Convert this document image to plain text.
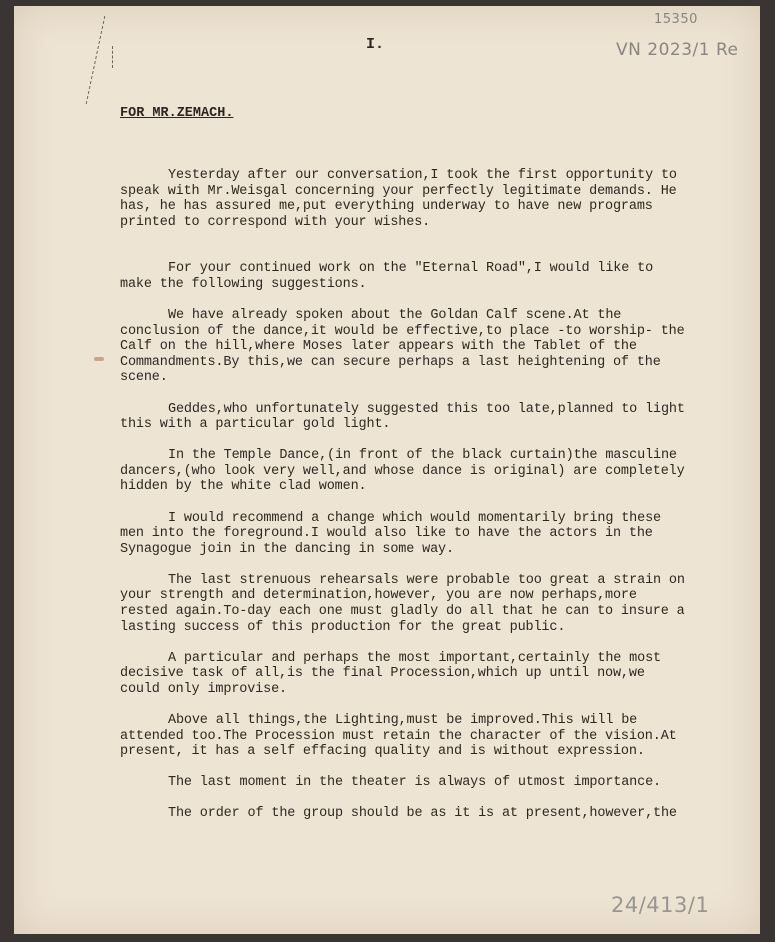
15350
VN 2023/1 Re
24/413/1
I.
FOR MR.ZEMACH.

Yesterday after our conversation,I took the first opportunity to speak with Mr.Weisgal concerning your perfectly legitimate demands. He has, he has assured me,put everything underway to have new programs printed to correspond with your wishes.

For your continued work on the "Eternal Road",I would like to make the following suggestions.

We have already spoken about the Goldan Calf scene.At the conclusion of the dance,it would be effective,to place -to worship- the Calf on the hill,where Moses later appears with the Tablet of the Commandments.By this,we can secure perhaps a last heightening of the scene.

Geddes,who unfortunately suggested this too late,planned to light this with a particular gold light.

In the Temple Dance,(in front of the black curtain)the masculine dancers,(who look very well,and whose dance is original) are completely hidden by the white clad women.

I would recommend a change which would momentarily bring these men into the foreground.I would also like to have the actors in the Synagogue join in the dancing in some way.

The last strenuous rehearsals were probable too great a strain on your strength and determination,however, you are now perhaps,more rested again.To-day each one must gladly do all that he can to insure a lasting success of this production for the great public.

A particular and perhaps the most important,certainly the most decisive task of all,is the final Procession,which up until now,we could only improvise.

Above all things,the Lighting,must be improved.This will be attended too.The Procession must retain the character of the vision.At present, it has a self effacing quality and is without expression.

The last moment in the theater is always of utmost importance.

The order of the group should be as it is at present,however,the
